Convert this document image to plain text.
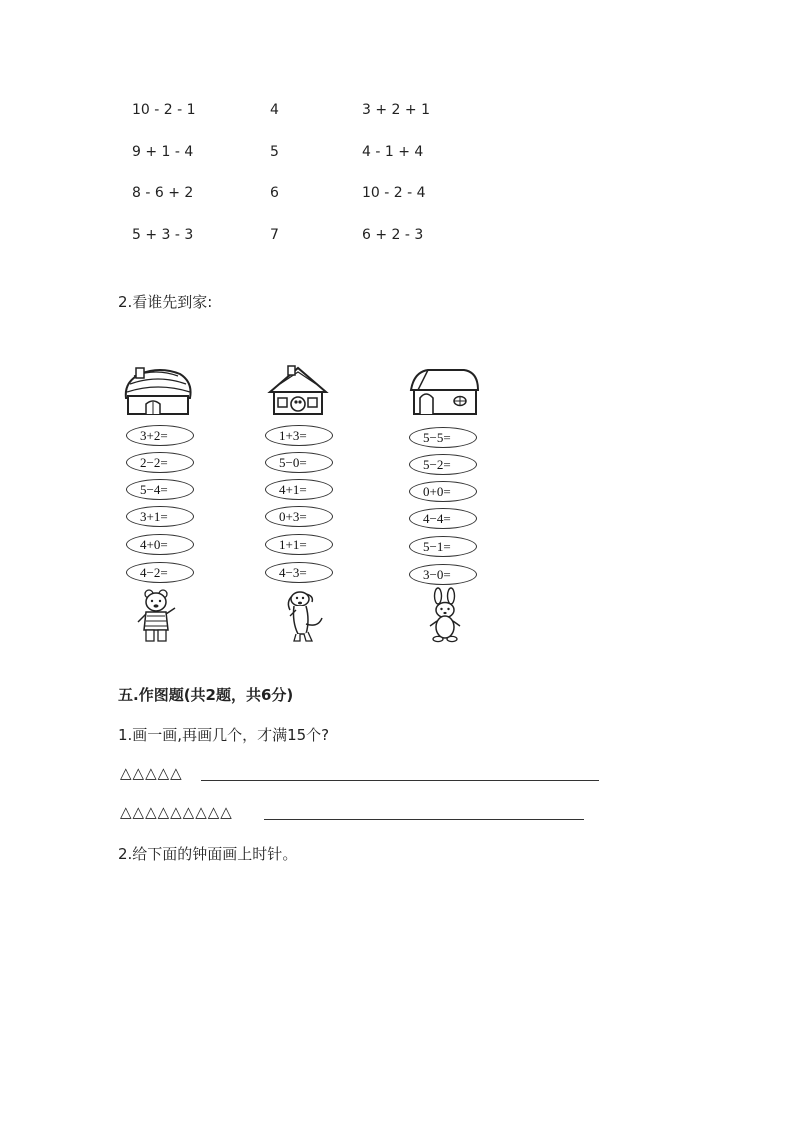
10 - 2 - 1
9 + 1 - 4
8 - 6 + 2
5 + 3 - 3
4
5
6
7
3 + 2 + 1
4 - 1 + 4
10 - 2 - 4
6 + 2 - 3
2.看谁先到家:
3+2=
2−2=
5−4=
3+1=
4+0=
4−2=
1+3=
5−0=
4+1=
0+3=
1+1=
4−3=
5−5=
5−2=
0+0=
4−4=
5−1=
3−0=
五.作图题(共2题，共6分)
1.画一画,再画几个，才满15个?
△△△△△
△△△△△△△△△
2.给下面的钟面画上时针。
